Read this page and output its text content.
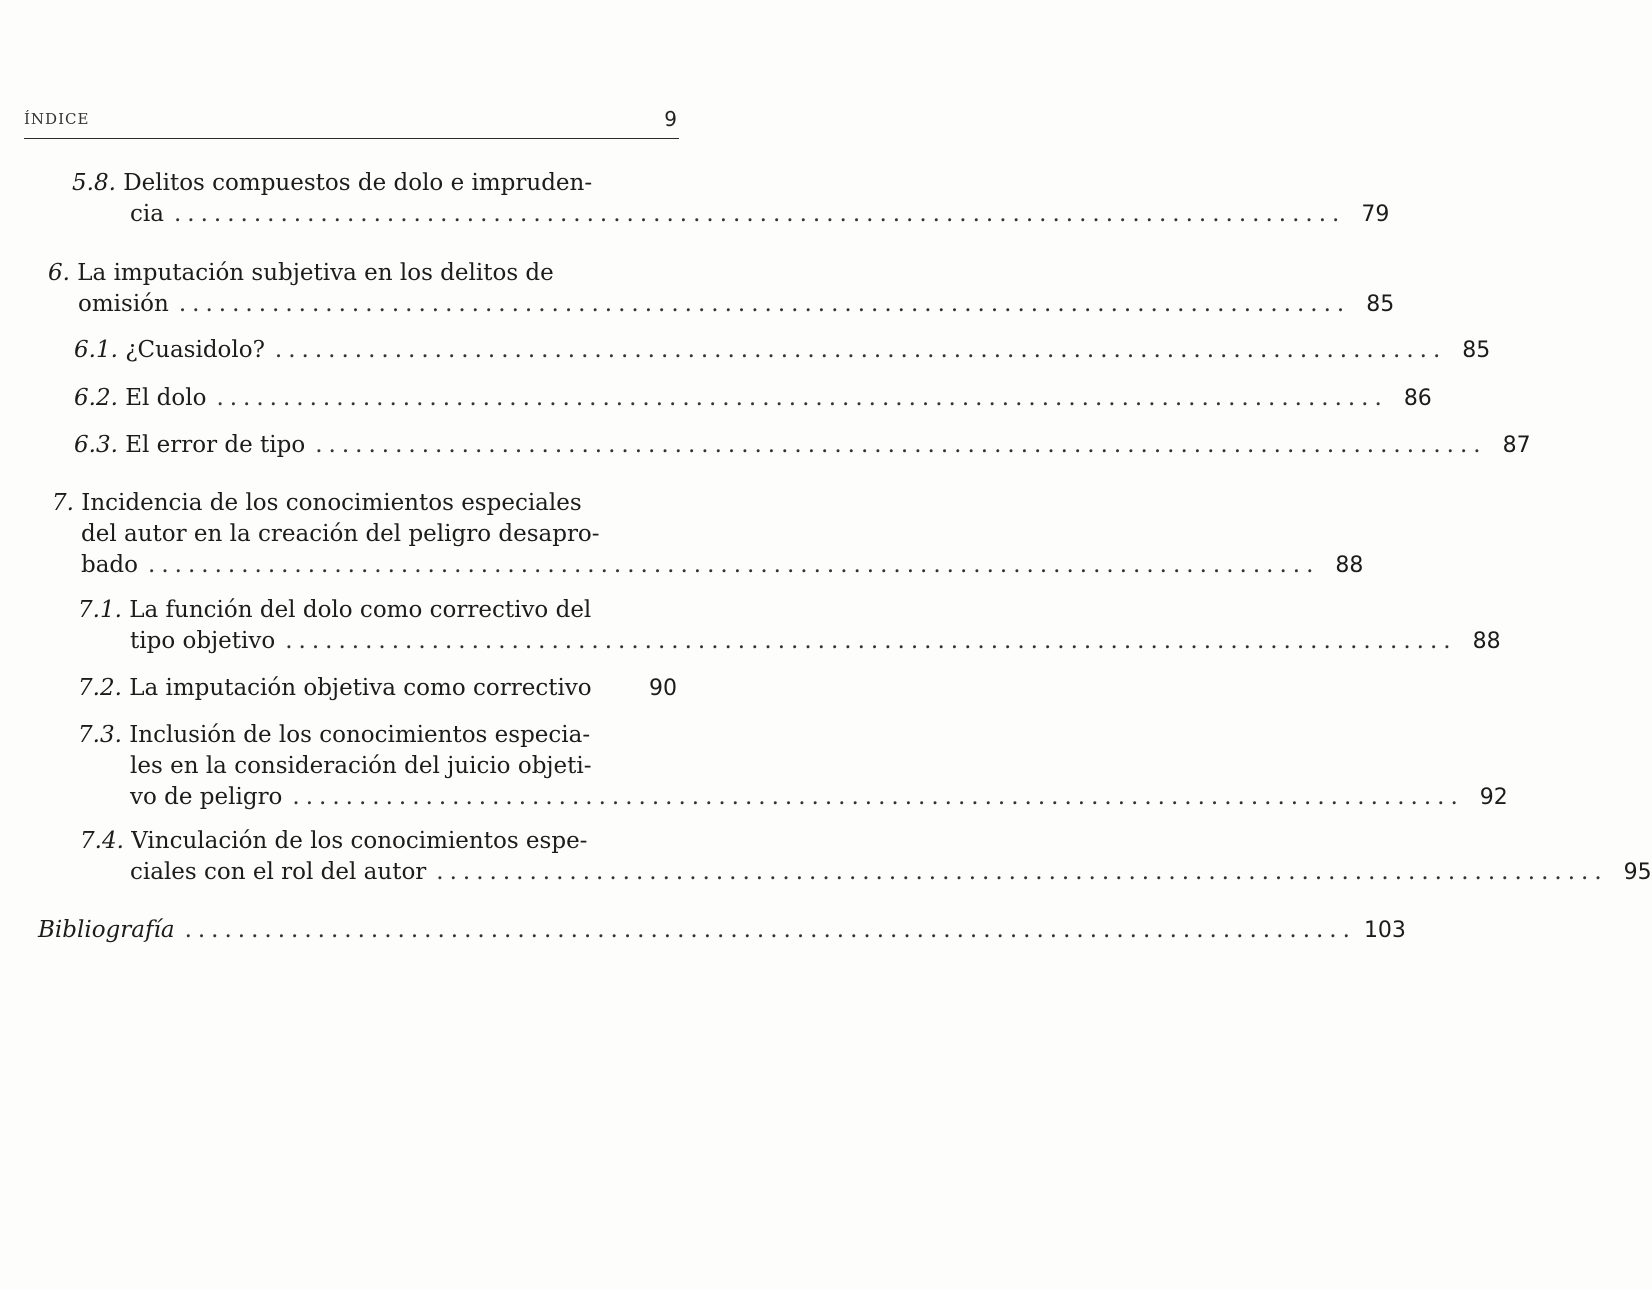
ÍNDICE	9
5.8. Delitos compuestos de dolo e impruden-
cia ........................................................................................ 79
6. La imputación subjetiva en los delitos de
omisión ........................................................................................ 85
6.1.
¿Cuasidolo? ........................................................................................ 85
6.2.
El dolo ........................................................................................ 86
6.3.
El error de tipo ........................................................................................ 87
7. Incidencia de los conocimientos especiales
del autor en la creación del peligro desapro-
bado ........................................................................................ 88
7.1. La función del dolo como correctivo del
tipo objetivo ........................................................................................ 88
7.2.
La imputación objetiva como correctivo	90
7.3. Inclusión de los conocimientos especia-
les en la consideración del juicio objeti-
vo de peligro ........................................................................................ 92
7.4. Vinculación de los conocimientos espe-
ciales con el rol del autor ........................................................................................ 95
Bibliografía ........................................................................................ 103
